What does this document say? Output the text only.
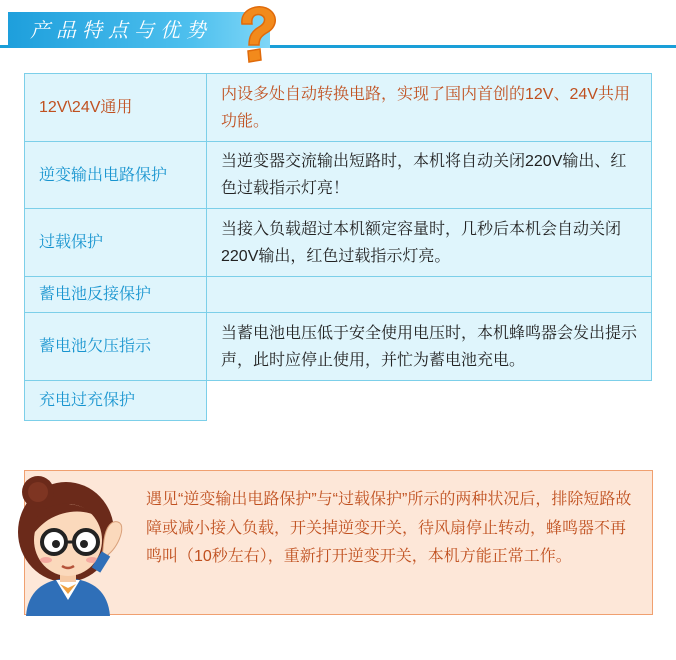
产品特点与优势
12V\24V通用	内设多处自动转换电路，实现了国内首创的12V、24V共用功能。
逆变输出电路保护	当逆变器交流输出短路时，本机将自动关闭220V输出、红色过载指示灯亮！
过载保护	当接入负载超过本机额定容量时，几秒后本机会自动关闭220V输出，红色过载指示灯亮。
蓄电池反接保护	
蓄电池欠压指示	当蓄电池电压低于安全使用电压时，本机蜂鸣器会发出提示声，此时应停止使用，并忙为蓄电池充电。
充电过充保护	
遇见“逆变输出电路保护”与“过载保护”所示的两种状况后，排除短路故障或减小接入负载，开关掉逆变开关，待风扇停止转动，蜂鸣器不再鸣叫（10秒左右），重新打开逆变开关，本机方能正常工作。
